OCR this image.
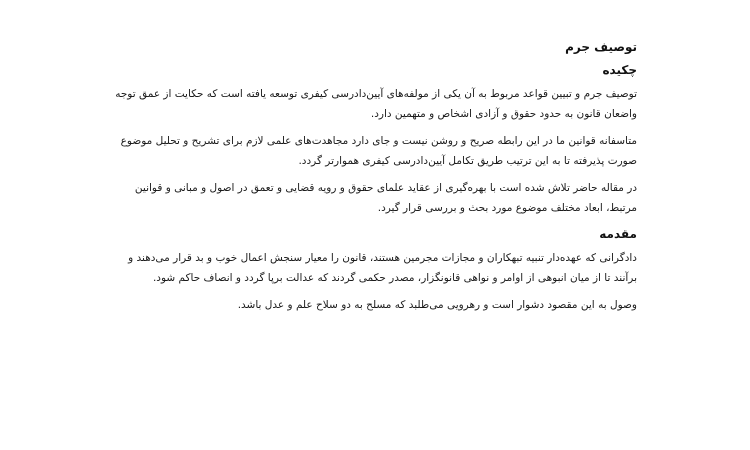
توصیف جرم
چکیده

توصیف جرم و تبیین قواعد مربوط به آن یکی از مولفه‌های آیین‌دادرسی کیفری توسعه یافته است که حکایت از عمق توجه واضعان قانون به حدود حقوق و آزادی اشخاص و متهمین دارد.

متاسفانه قوانین ما در این رابطه صریح و روشن نیست و جای دارد مجاهدت‌های علمی لازم برای تشریح و تحلیل موضوع صورت پذیرفته تا به این ترتیب طریق تکامل آیین‌دادرسی کیفری هموارتر گردد.

در مقاله حاضر تلاش شده است با بهره‌گیری از عقاید علمای حقوق و رویه قضایی و تعمق در اصول و مبانی و قوانین مرتبط، ابعاد مختلف موضوع مورد بحث و بررسی قرار گیرد.

مقدمه

دادگرانی که عهده‌دار تنبیه تبهکاران و مجازات مجرمین هستند، قانون را معیار سنجش اعمال خوب و بد قرار می‌دهند و برآنند تا از میان انبوهی از اوامر و نواهی قانونگزار، مصدر حکمی گردند که عدالت برپا گردد و انصاف حاکم شود.

وصول به این مقصود دشوار است و رهرویی می‌طلبد که مسلح به دو سلاح علم و عدل باشد.
